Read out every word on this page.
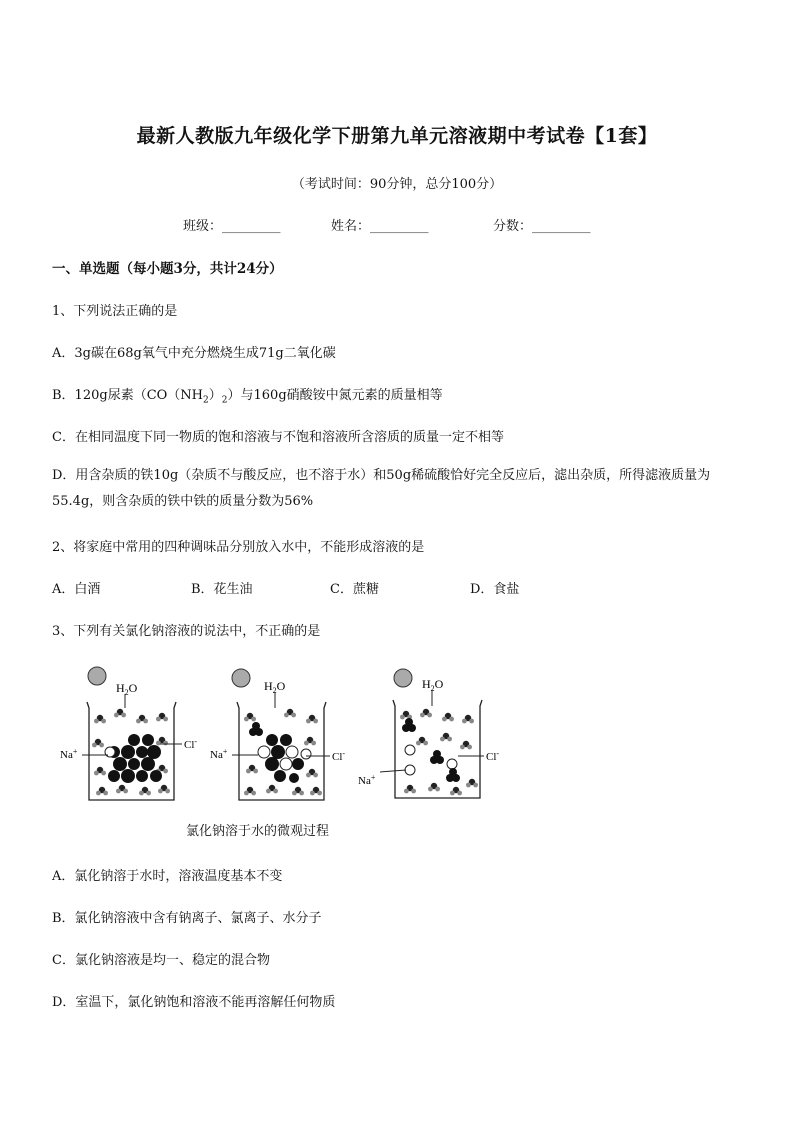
最新人教版九年级化学下册第九单元溶液期中考试卷【1套】
（考试时间：90分钟，总分100分）
班级：_________	姓名：_________	分数：_________
一、单选题（每小题3分，共计24分）
1、下列说法正确的是
A．3g碳在68g氧气中充分燃烧生成71g二氧化碳
B．120g尿素$(CO(NH_2)_2)$与160g硝酸铵中氮元素的质量相等
C．在相同温度下同一物质的饱和溶液与不饱和溶液所含溶质的质量一定不相等
D．用含杂质的铁10g（杂质不与酸反应，也不溶于水）和50g稀硫酸恰好完全反应后，滤出杂质，所得滤液质量为55.4g，则含杂质的铁中铁的质量分数为56%
2、将家庭中常用的四种调味品分别放入水中，不能形成溶液的是
A．白酒	B．花生油	C．蔗糖	D．食盐
3、下列有关氯化钠溶液的说法中，不正确的是
$H_2O$
Na+
Cl-
$H_2O$
Na+	Cl-
$H_2O$
Na+
Cl-
氯化钠溶于水的微观过程
A．氯化钠溶于水时，溶液温度基本不变
B．氯化钠溶液中含有钠离子、氯离子、水分子
C．氯化钠溶液是均一、稳定的混合物
D．室温下，氯化钠饱和溶液不能再溶解任何物质
